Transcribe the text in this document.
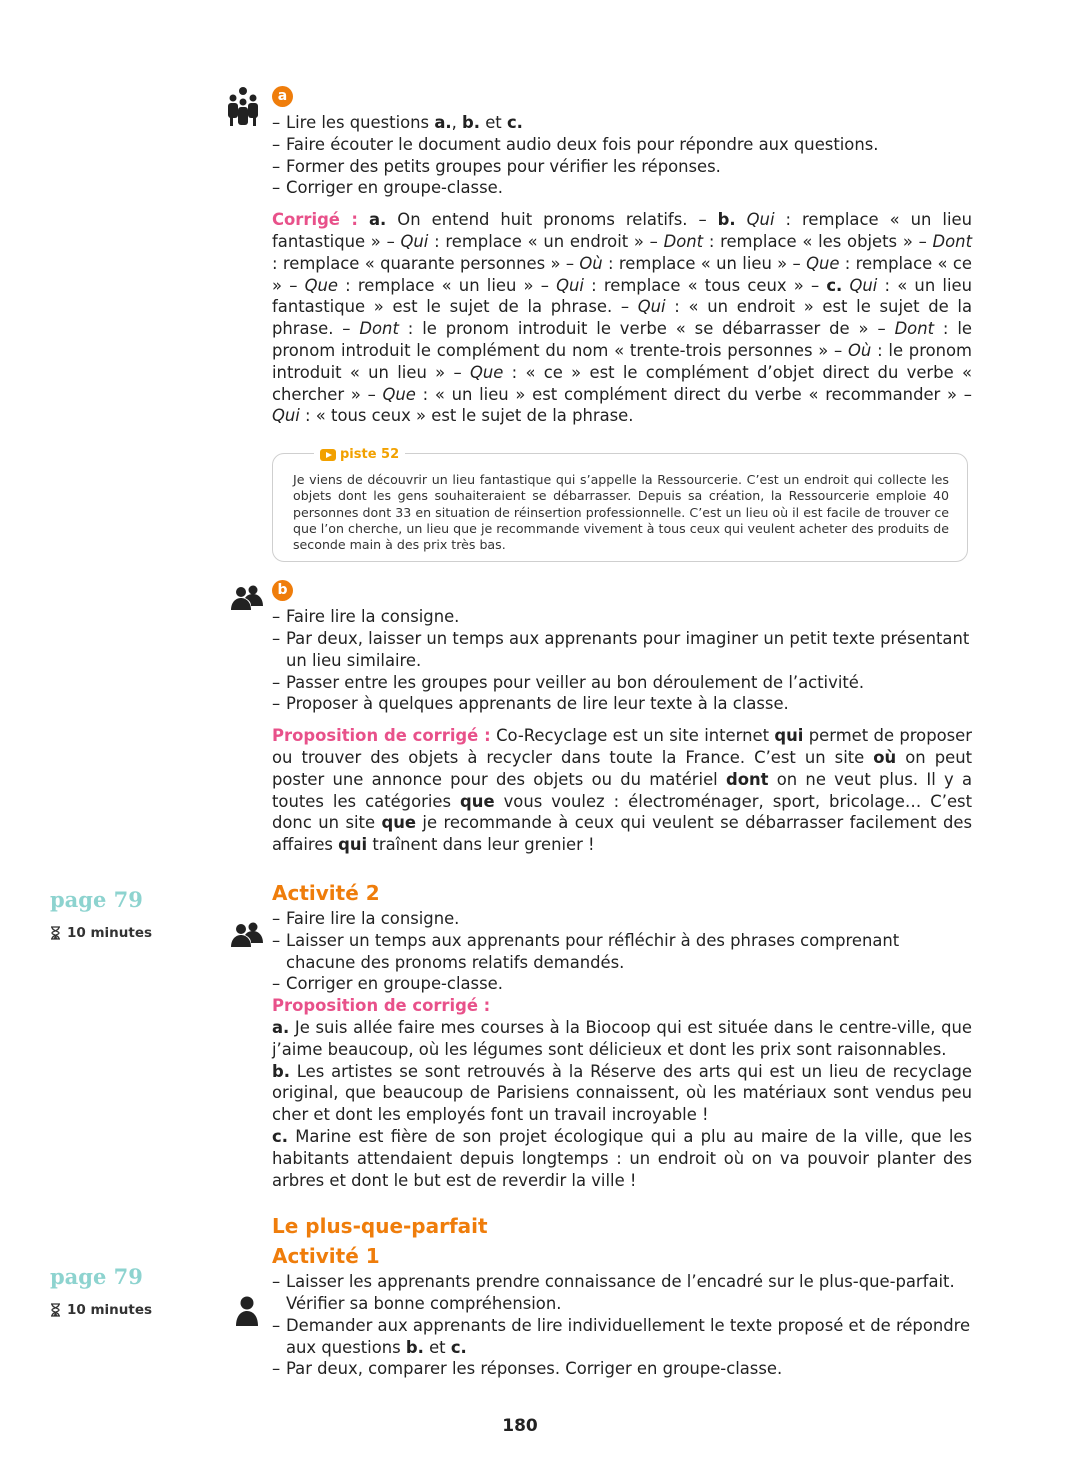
page 79
10 minutes
page 79
10 minutes
a
– Lire les questions a., b. et c.
– Faire écouter le document audio deux fois pour répondre aux questions.
– Former des petits groupes pour vérifier les réponses.
– Corriger en groupe-classe.

Corrigé : a. On entend huit pronoms relatifs. – b. Qui : remplace « un lieu fantastique » – Qui : remplace « un endroit » – Dont : remplace « les objets » – Dont : remplace « quarante personnes » – Où : remplace « un lieu » – Que : remplace « ce » – Que : remplace « un lieu » – Qui : remplace « tous ceux » – c. Qui : « un lieu fantastique » est le sujet de la phrase. – Qui : « un endroit » est le sujet de la phrase. – Dont : le pronom introduit le verbe « se débarrasser de » – Dont : le pronom introduit le complément du nom « trente-trois personnes » – Où : le pronom introduit « un lieu » – Que : « ce » est le complément d’objet direct du verbe « chercher » – Que : « un lieu » est complément direct du verbe « recommander » – Qui : « tous ceux » est le sujet de la phrase.

piste 52
Je viens de découvrir un lieu fantastique qui s’appelle la Ressourcerie. C’est un endroit qui collecte les objets dont les gens souhaiteraient se débarrasser. Depuis sa création, la Ressourcerie emploie 40 personnes dont 33 en situation de réinsertion professionnelle. C’est un lieu où il est facile de trouver ce que l’on cherche, un lieu que je recommande vivement à tous ceux qui veulent acheter des produits de seconde main à des prix très bas.
b
– Faire lire la consigne.
– Par deux, laisser un temps aux apprenants pour imaginer un petit texte présentant un lieu similaire.
– Passer entre les groupes pour veiller au bon déroulement de l’activité.
– Proposer à quelques apprenants de lire leur texte à la classe.

Proposition de corrigé : Co-Recyclage est un site internet qui permet de proposer ou trouver des objets à recycler dans toute la France. C’est un site où on peut poster une annonce pour des objets ou du matériel dont on ne veut plus. Il y a toutes les catégories que vous voulez : électroménager, sport, bricolage… C’est donc un site que je recommande à ceux qui veulent se débarrasser facilement des affaires qui traînent dans leur grenier !

Activité 2
– Faire lire la consigne.
– Laisser un temps aux apprenants pour réfléchir à des phrases comprenant chacune des pronoms relatifs demandés.
– Corriger en groupe-classe.

Proposition de corrigé :

a. Je suis allée faire mes courses à la Biocoop qui est située dans le centre-ville, que j’aime beaucoup, où les légumes sont délicieux et dont les prix sont raisonnables.

b. Les artistes se sont retrouvés à la Réserve des arts qui est un lieu de recyclage original, que beaucoup de Parisiens connaissent, où les matériaux sont vendus peu cher et dont les employés font un travail incroyable !

c. Marine est fière de son projet écologique qui a plu au maire de la ville, que les habitants attendaient depuis longtemps : un endroit où on va pouvoir planter des arbres et dont le but est de reverdir la ville !

Le plus-que-parfait
Activité 1
– Laisser les apprenants prendre connaissance de l’encadré sur le plus-que-parfait. Vérifier sa bonne compréhension.
– Demander aux apprenants de lire individuellement le texte proposé et de répondre aux questions b. et c.
– Par deux, comparer les réponses. Corriger en groupe-classe.
180
